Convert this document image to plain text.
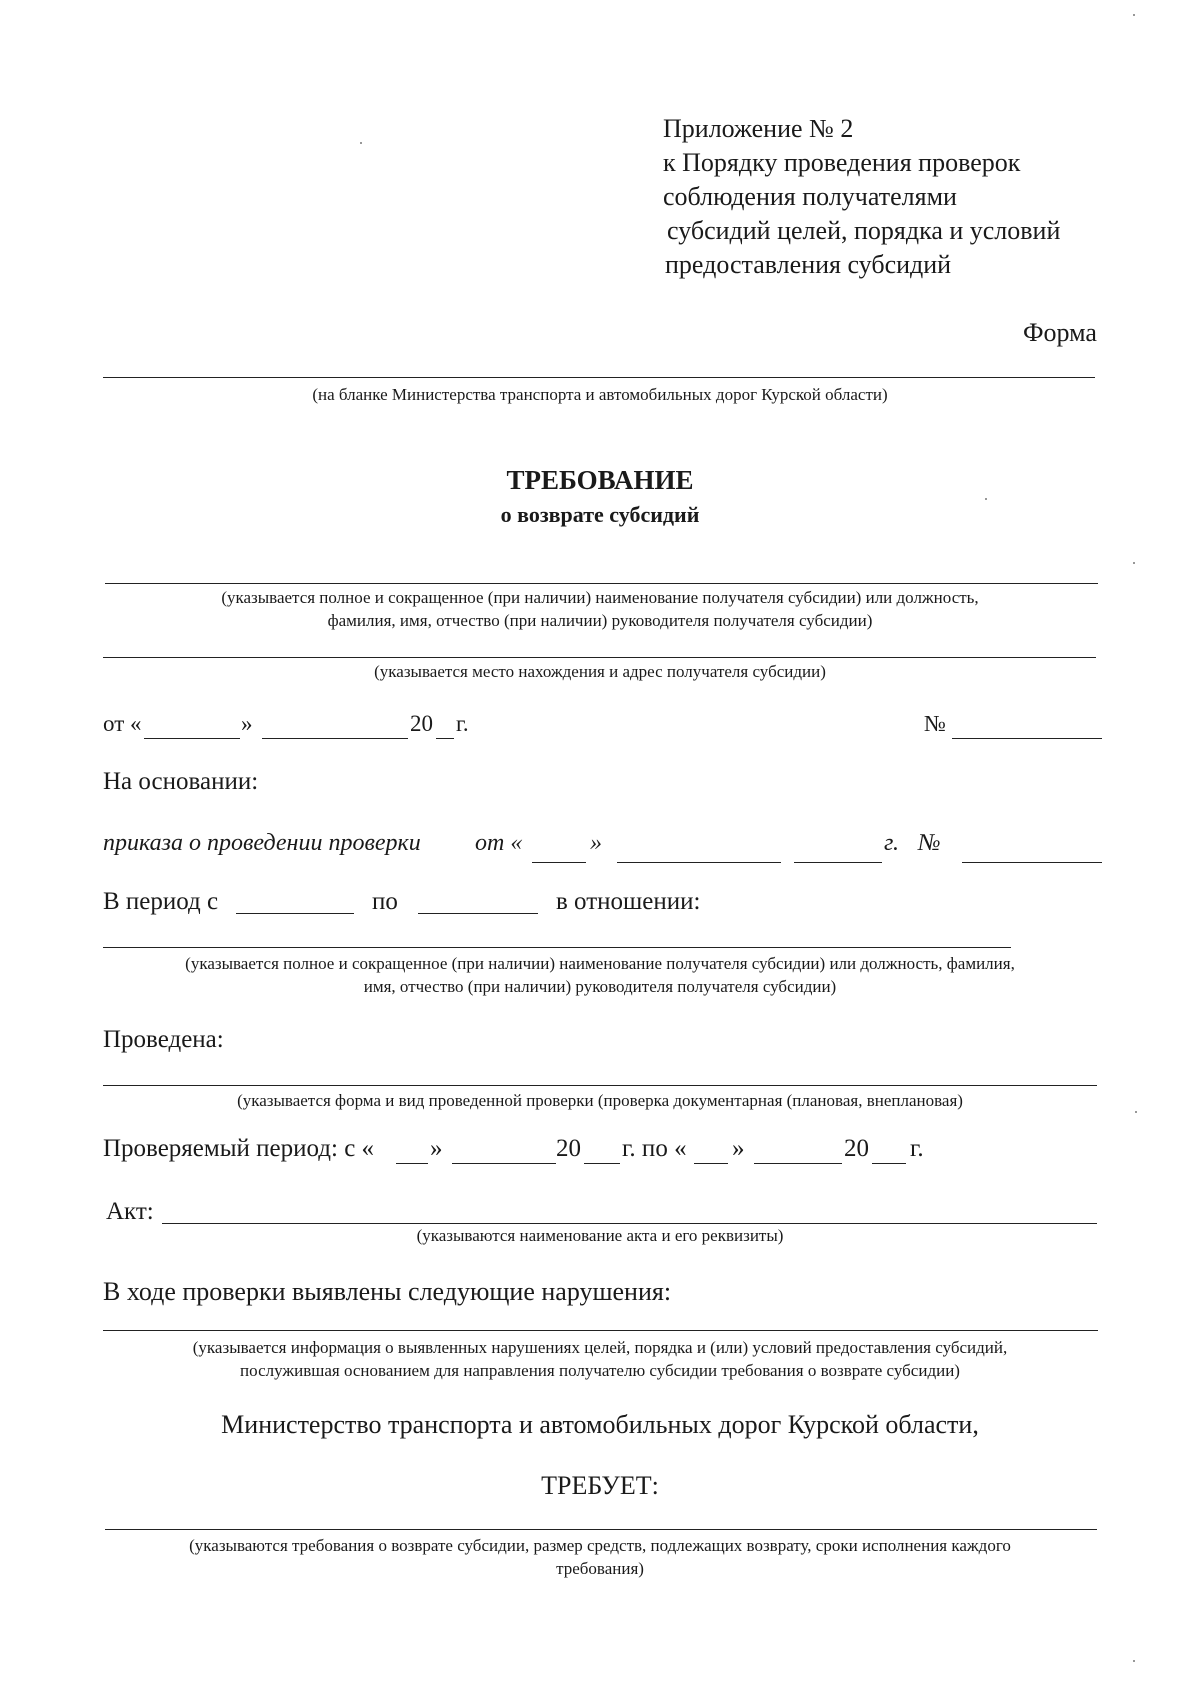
Приложение № 2
к Порядку проведения проверок
соблюдения получателями
субсидий целей, порядка и условий
предоставления субсидий
Форма
(на бланке Министерства транспорта и автомобильных дорог Курской области)
ТРЕБОВАНИЕ
о возврате субсидий
(указывается полное и сокращенное (при наличии) наименование получателя субсидии) или должность,
фамилия, имя, отчество (при наличии) руководителя получателя субсидии)
(указывается место нахождения и адрес получателя субсидии)
от «	»	20 г.	№
На основании:
приказа о проведении проверки от «	»	г. №
В период с	по	в отношении:
(указывается полное и сокращенное (при наличии) наименование получателя субсидии) или должность, фамилия,
имя, отчество (при наличии) руководителя получателя субсидии)
Проведена:
(указывается форма и вид проведенной проверки (проверка документарная (плановая, внеплановая)
Проверяемый период: с « »	20 г. по « »	20 г.
Акт:
(указываются наименование акта и его реквизиты)
В ходе проверки выявлены следующие нарушения:
(указывается информация о выявленных нарушениях целей, порядка и (или) условий предоставления субсидий,
послужившая основанием для направления получателю субсидии требования о возврате субсидии)
Министерство транспорта и автомобильных дорог Курской области,
ТРЕБУЕТ:
(указываются требования о возврате субсидии, размер средств, подлежащих возврату, сроки исполнения каждого
требования)
